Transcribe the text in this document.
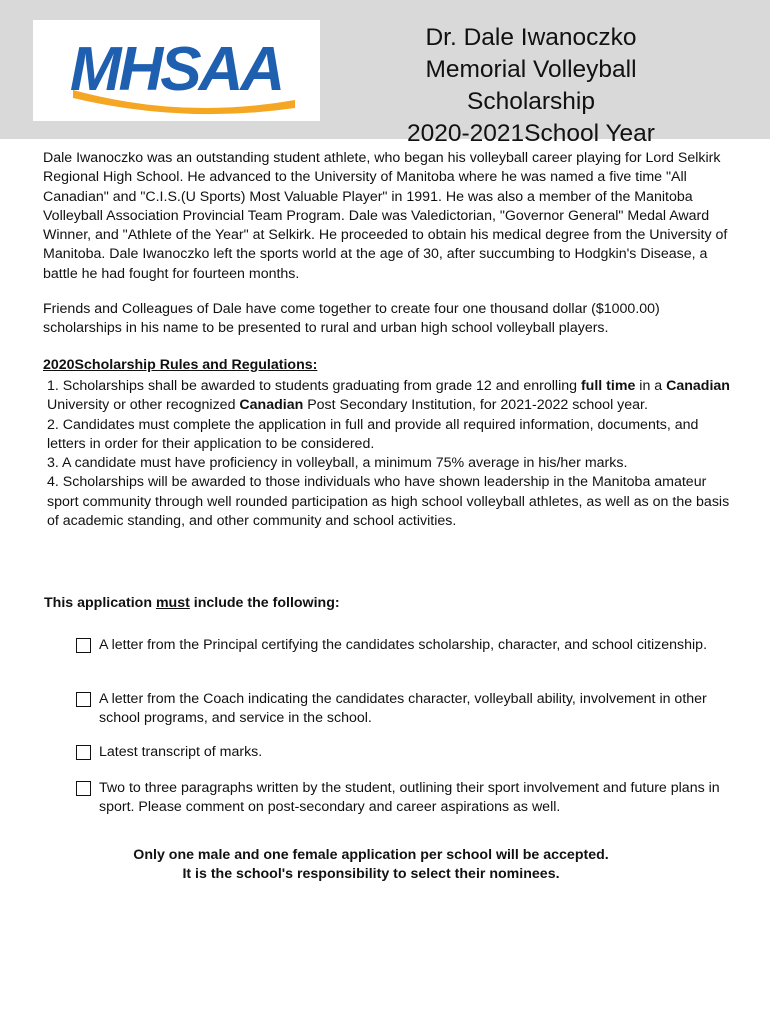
MHSAA	Dr. Dale Iwanoczko
Memorial Volleyball
Scholarship
2020-2021School Year
Dale Iwanoczko was an outstanding student athlete, who began his volleyball career playing for Lord Selkirk Regional High School. He advanced to the University of Manitoba where he was named a five time "All Canadian" and "C.I.S.(U Sports) Most Valuable Player" in 1991. He was also a member of the Manitoba Volleyball Association Provincial Team Program. Dale was Valedictorian, "Governor General" Medal Award Winner, and "Athlete of the Year" at Selkirk. He proceeded to obtain his medical degree from the University of Manitoba. Dale Iwanoczko left the sports world at the age of 30, after succumbing to Hodgkin's Disease, a battle he had fought for fourteen months.
Friends and Colleagues of Dale have come together to create four one thousand dollar ($1000.00) scholarships in his name to be presented to rural and urban high school volleyball players.
2020Scholarship Rules and Regulations:

1. Scholarships shall be awarded to students graduating from grade 12 and enrolling full time in a Canadian University or other recognized Canadian Post Secondary Institution, for 2021-2022 school year.

2. Candidates must complete the application in full and provide all required information, documents, and letters in order for their application to be considered.

3. A candidate must have proficiency in volleyball, a minimum 75% average in his/her marks.

4. Scholarships will be awarded to those individuals who have shown leadership in the Manitoba amateur sport community through well rounded participation as high school volleyball athletes, as well as on the basis of academic standing, and other community and school activities.

This application must include the following:
A letter from the Principal certifying the candidates scholarship, character, and school citizenship.
A letter from the Coach indicating the candidates character, volleyball ability, involvement in other school programs, and service in the school.
Latest transcript of marks.
Two to three paragraphs written by the student, outlining their sport involvement and future plans in sport. Please comment on post-secondary and career aspirations as well.
Only one male and one female application per school will be accepted.
It is the school's responsibility to select their nominees.
